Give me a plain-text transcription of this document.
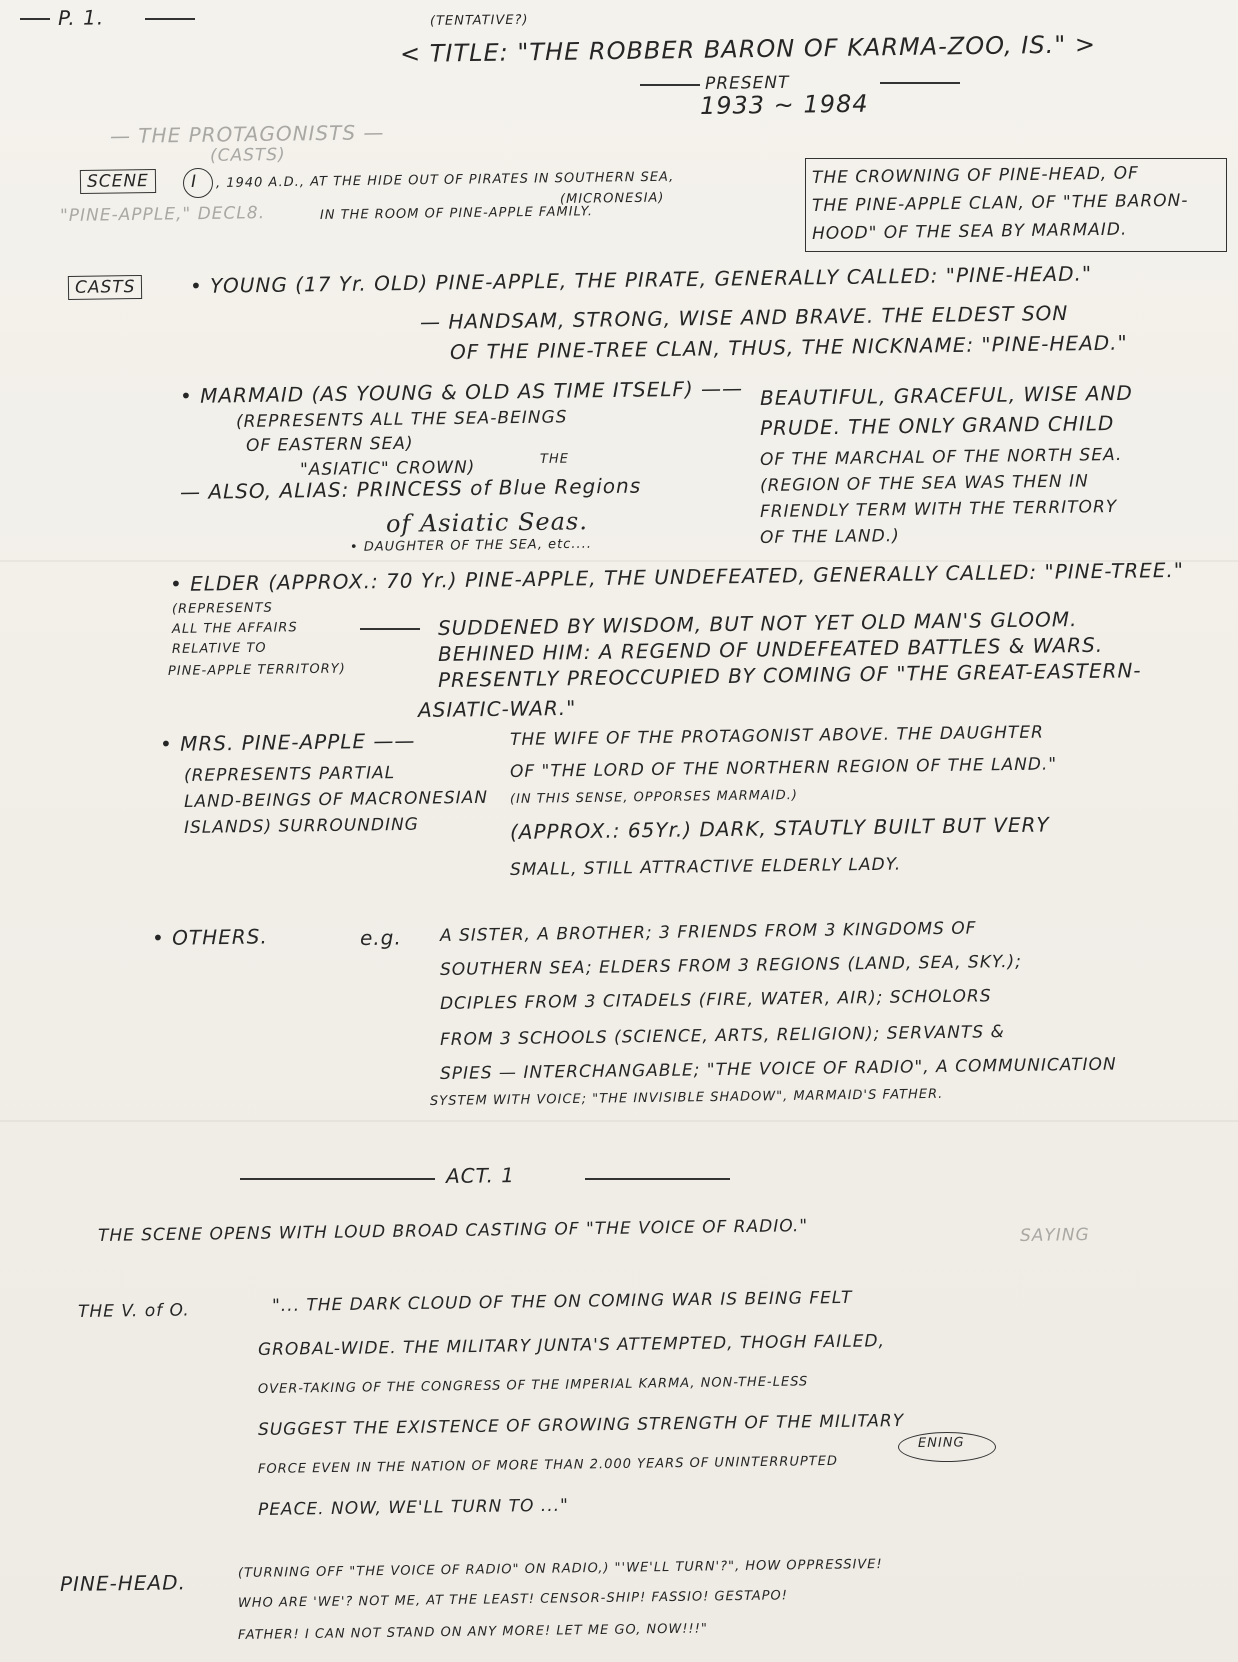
P. 1.	(TENTATIVE?)
< TITLE: "THE ROBBER BARON OF KARMA-ZOO, IS." >
PRESENT
1933 ~ 1984
— THE PROTAGONISTS —
(CASTS)
SCENE	I , 1940 A.D., AT THE HIDE OUT OF PIRATES IN SOUTHERN SEA,
(MICRONESIA)
"PINE-APPLE," DECL8.	IN THE ROOM OF PINE-APPLE FAMILY.
THE CROWNING OF PINE-HEAD, OF
THE PINE-APPLE CLAN, OF "THE BARON-
HOOD" OF THE SEA BY MARMAID.
CASTS	• YOUNG (17 Yr. OLD) PINE-APPLE, THE PIRATE, GENERALLY CALLED: "PINE-HEAD."
— HANDSAM, STRONG, WISE AND BRAVE. THE ELDEST SON
OF THE PINE-TREE CLAN, THUS, THE NICKNAME: "PINE-HEAD."
• MARMAID (AS YOUNG & OLD AS TIME ITSELF) ——
(REPRESENTS ALL THE SEA-BEINGS
OF EASTERN SEA)
THE
"ASIATIC" CROWN)
— ALSO, ALIAS: PRINCESS of Blue Regions
of Asiatic Seas.
• DAUGHTER OF THE SEA, etc....
BEAUTIFUL, GRACEFUL, WISE AND
PRUDE. THE ONLY GRAND CHILD
OF THE MARCHAL OF THE NORTH SEA.
(REGION OF THE SEA WAS THEN IN
FRIENDLY TERM WITH THE TERRITORY
OF THE LAND.)
• ELDER (APPROX.: 70 Yr.) PINE-APPLE, THE UNDEFEATED, GENERALLY CALLED: "PINE-TREE."
(REPRESENTS
ALL THE AFFAIRS
RELATIVE TO
PINE-APPLE TERRITORY)
SUDDENED BY WISDOM, BUT NOT YET OLD MAN'S GLOOM.
BEHINED HIM: A REGEND OF UNDEFEATED BATTLES & WARS.
PRESENTLY PREOCCUPIED BY COMING OF "THE GREAT-EASTERN-
ASIATIC-WAR."
• MRS. PINE-APPLE ——
(REPRESENTS PARTIAL
LAND-BEINGS OF MACRONESIAN
ISLANDS) SURROUNDING
THE WIFE OF THE PROTAGONIST ABOVE. THE DAUGHTER
OF "THE LORD OF THE NORTHERN REGION OF THE LAND."
(IN THIS SENSE, OPPORSES MARMAID.)
(APPROX.: 65Yr.) DARK, STAUTLY BUILT BUT VERY
SMALL, STILL ATTRACTIVE ELDERLY LADY.
• OTHERS.	e.g. A SISTER, A BROTHER; 3 FRIENDS FROM 3 KINGDOMS OF
SOUTHERN SEA; ELDERS FROM 3 REGIONS (LAND, SEA, SKY.);
DCIPLES FROM 3 CITADELS (FIRE, WATER, AIR); SCHOLORS
FROM 3 SCHOOLS (SCIENCE, ARTS, RELIGION); SERVANTS &
SPIES — INTERCHANGABLE; "THE VOICE OF RADIO", A COMMUNICATION
SYSTEM WITH VOICE; "THE INVISIBLE SHADOW", MARMAID'S FATHER.
ACT. 1
THE SCENE OPENS WITH LOUD BROAD CASTING OF "THE VOICE OF RADIO."	SAYING
THE V. of O.	"... THE DARK CLOUD OF THE ON COMING WAR IS BEING FELT
GROBAL-WIDE. THE MILITARY JUNTA'S ATTEMPTED, THOGH FAILED,
OVER-TAKING OF THE CONGRESS OF THE IMPERIAL KARMA, NON-THE-LESS
SUGGEST THE EXISTENCE OF GROWING STRENGTH OF THE MILITARY
ENING
FORCE EVEN IN THE NATION OF MORE THAN 2.000 YEARS OF UNINTERRUPTED
PEACE. NOW, WE'LL TURN TO ..."
PINE-HEAD.
(TURNING OFF "THE VOICE OF RADIO" ON RADIO,) "'WE'LL TURN'?", HOW OPPRESSIVE!
WHO ARE 'WE'? NOT ME, AT THE LEAST! CENSOR-SHIP! FASSIO! GESTAPO!
FATHER! I CAN NOT STAND ON ANY MORE! LET ME GO, NOW!!!"
